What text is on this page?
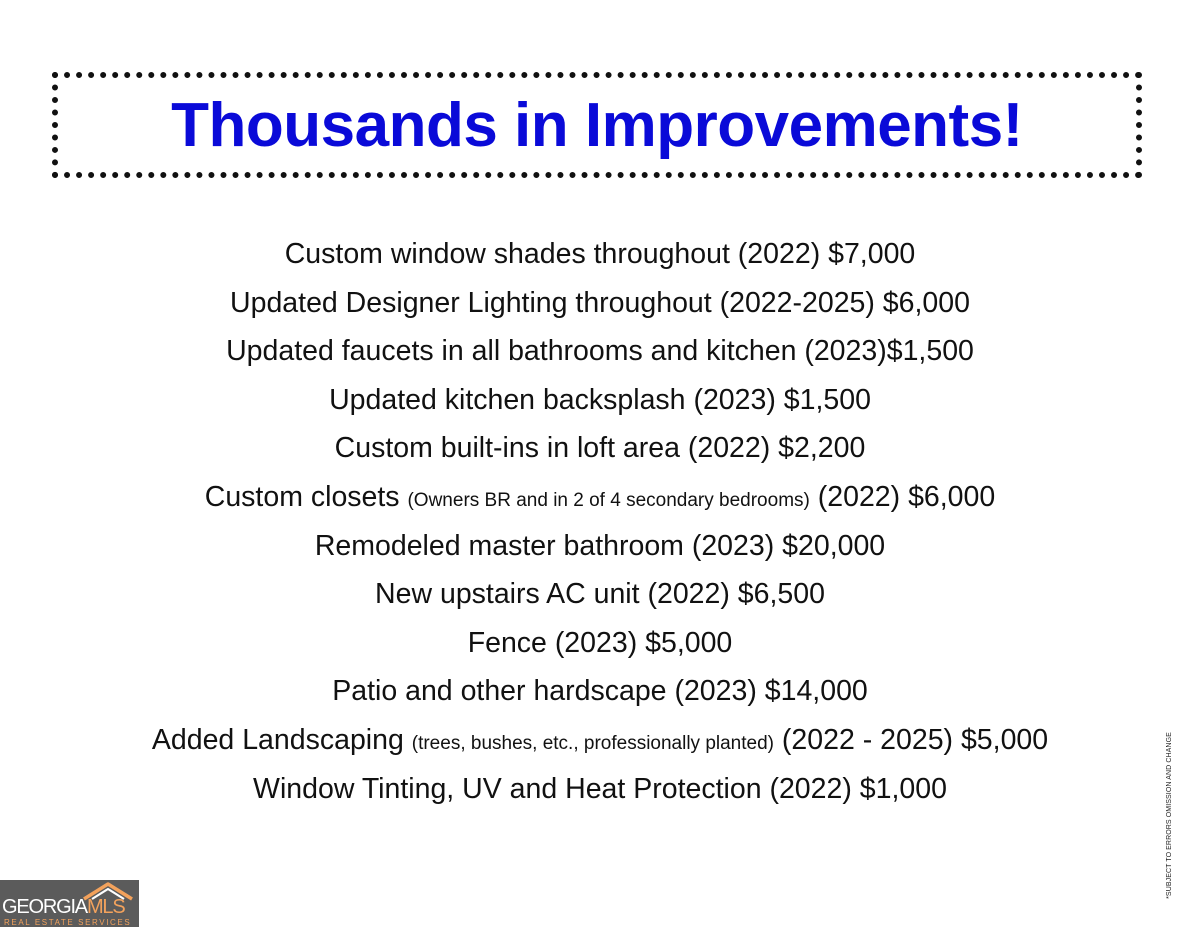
Thousands in Improvements!
Custom window shades throughout (2022) $7,000
Updated Designer Lighting throughout (2022-2025) $6,000
Updated faucets in all bathrooms and kitchen (2023)$1,500
Updated kitchen backsplash (2023) $1,500
Custom built-ins in loft area (2022) $2,200
Custom closets (Owners BR and in 2 of 4 secondary bedrooms) (2022) $6,000
Remodeled master bathroom (2023) $20,000
New upstairs AC unit (2022) $6,500
Fence (2023) $5,000
Patio and other hardscape (2023) $14,000
Added Landscaping (trees, bushes, etc., professionally planted) (2022 - 2025) $5,000
Window Tinting, UV and Heat Protection (2022) $1,000	*SUBJECT TO ERRORS OMISSION AND CHANGE
GEORGIAMLS
REAL ESTATE SERVICES
